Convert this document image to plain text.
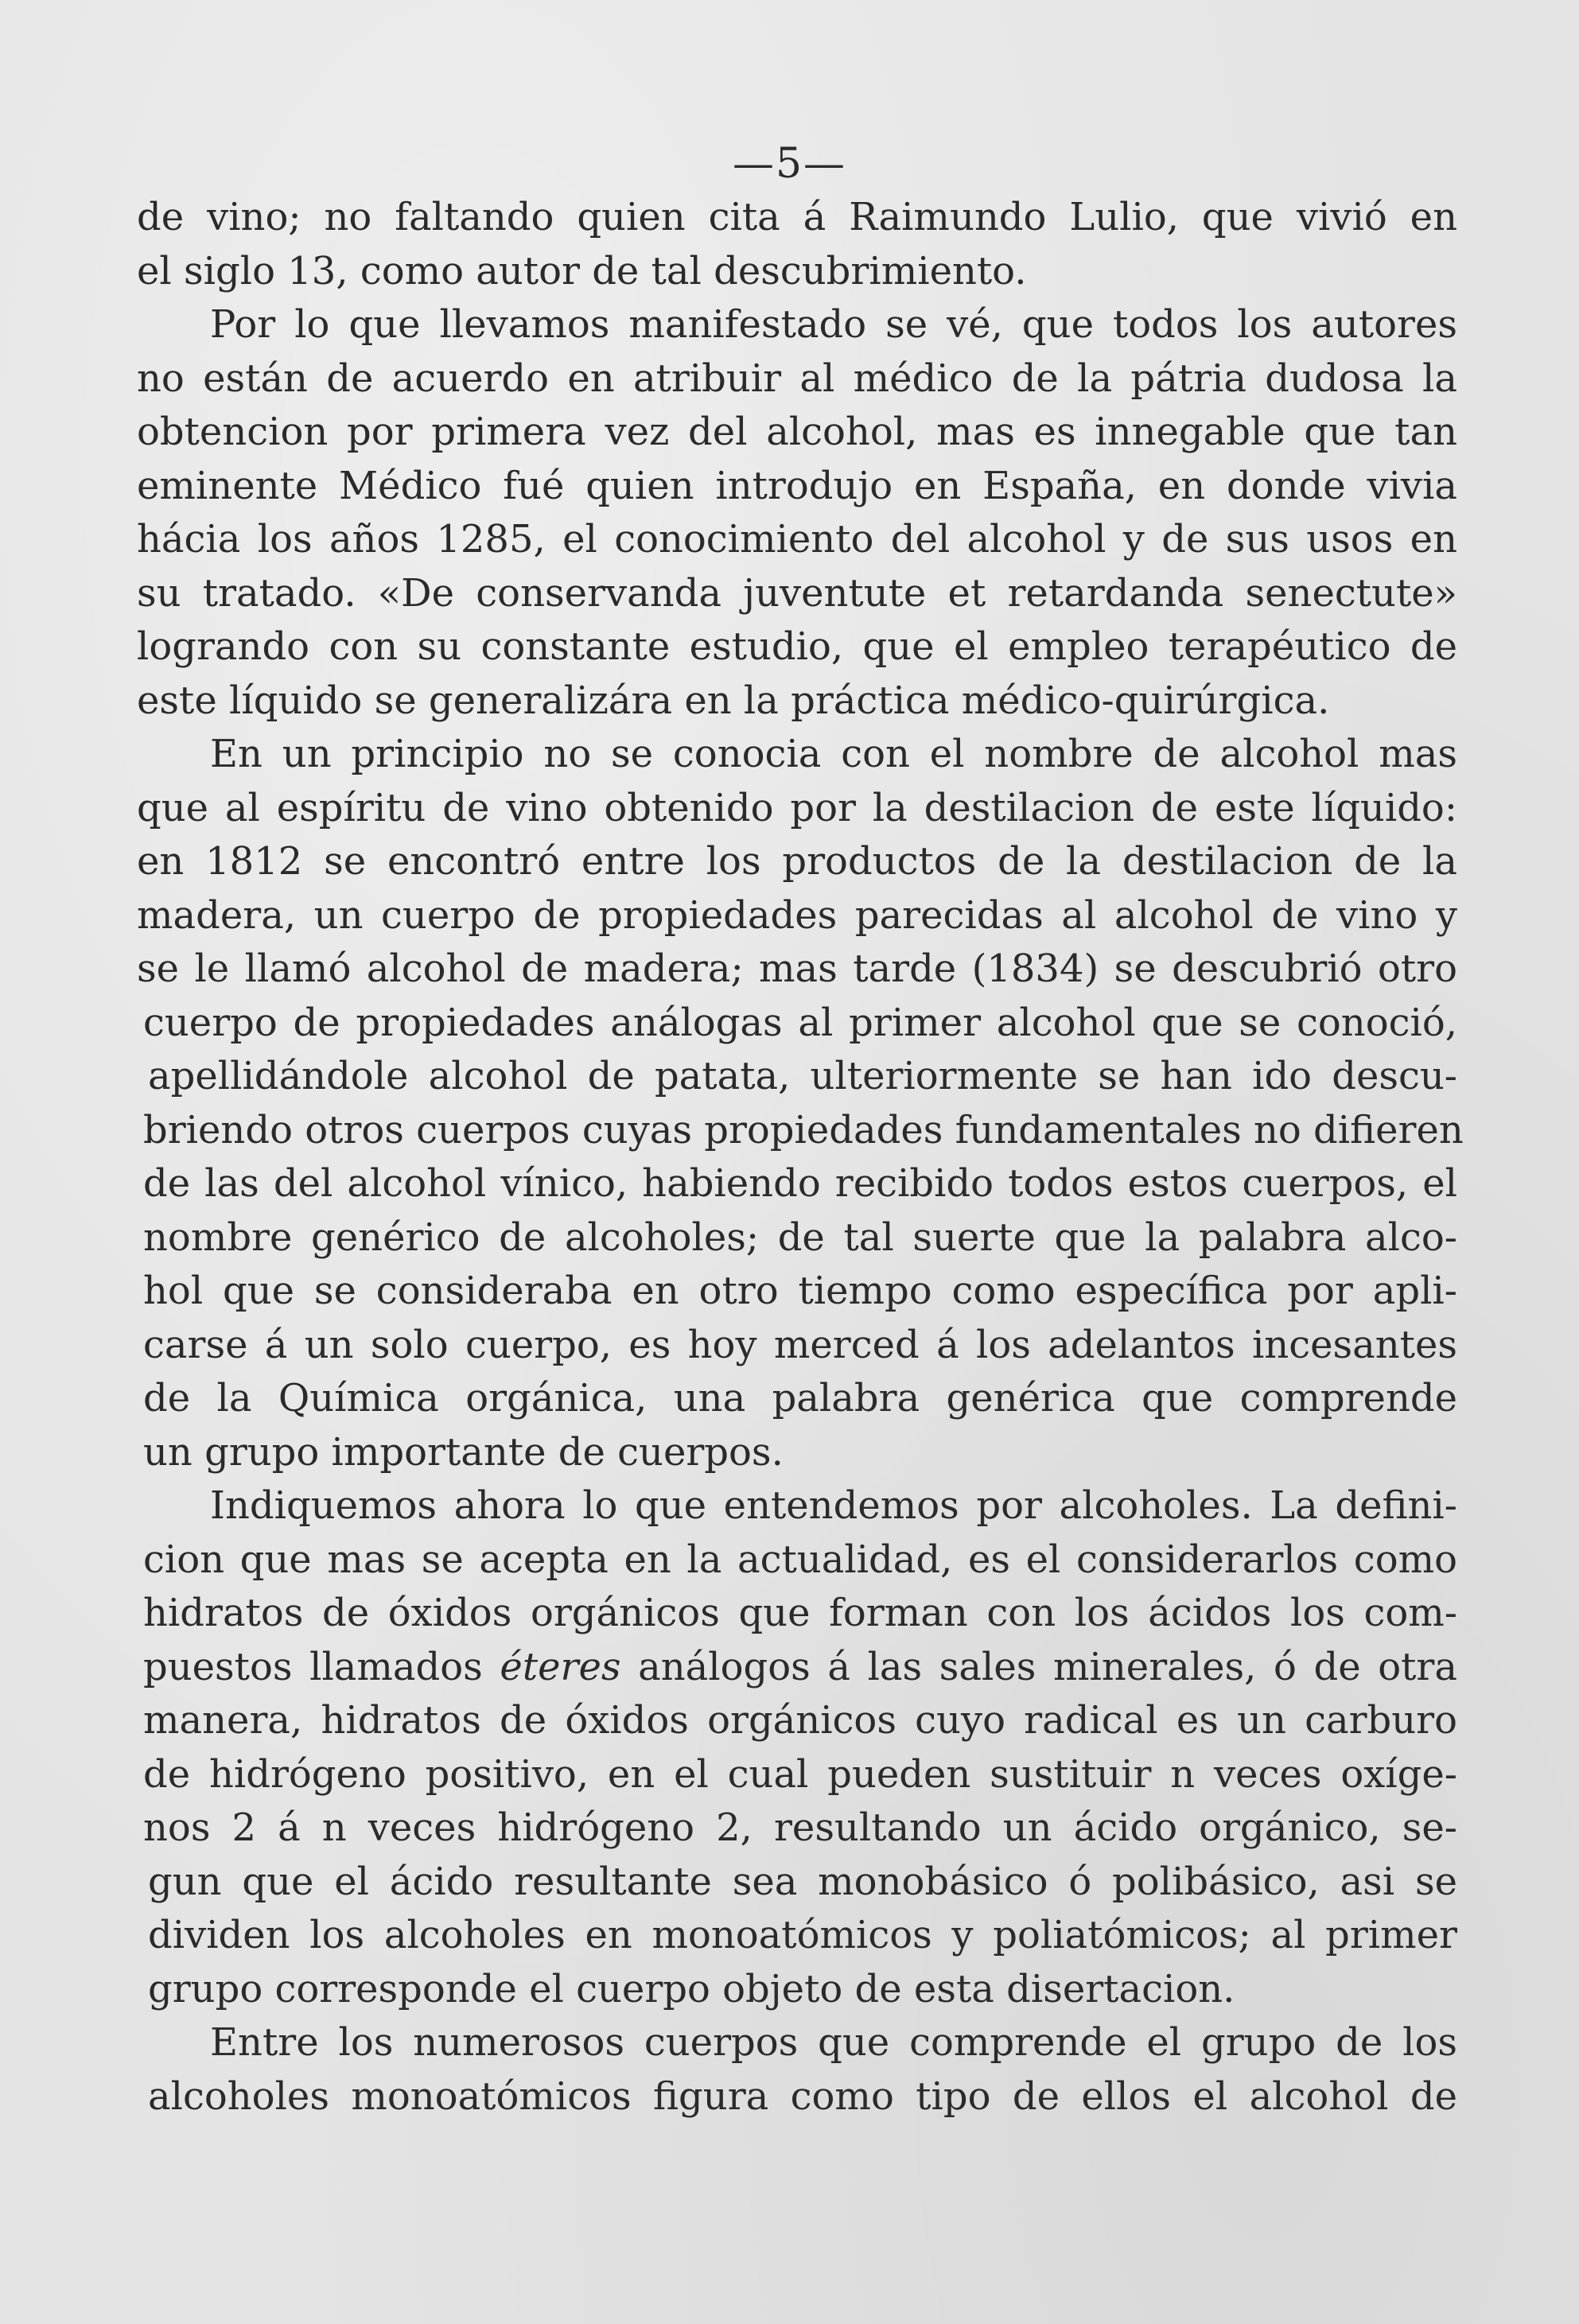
—5—
de vino; no faltando quien cita á Raimundo Lulio, que vivió en
el siglo 13, como autor de tal descubrimiento.
Por lo que llevamos manifestado se vé, que todos los autores
no están de acuerdo en atribuir al médico de la pátria dudosa la
obtencion por primera vez del alcohol, mas es innegable que tan
eminente Médico fué quien introdujo en España, en donde vivia
hácia los años 1285, el conocimiento del alcohol y de sus usos en
su tratado. «De conservanda juventute et retardanda senectute»
logrando con su constante estudio, que el empleo terapéutico de
este líquido se generalizára en la práctica médico-quirúrgica.
En un principio no se conocia con el nombre de alcohol mas
que al espíritu de vino obtenido por la destilacion de este líquido:
en 1812 se encontró entre los productos de la destilacion de la
madera, un cuerpo de propiedades parecidas al alcohol de vino y
se le llamó alcohol de madera; mas tarde (1834) se descubrió otro
cuerpo de propiedades análogas al primer alcohol que se conoció,
apellidándole alcohol de patata, ulteriormente se han ido descu-
briendo otros cuerpos cuyas propiedades fundamentales no difieren
de las del alcohol vínico, habiendo recibido todos estos cuerpos, el
nombre genérico de alcoholes; de tal suerte que la palabra alco-
hol que se consideraba en otro tiempo como específica por apli-
carse á un solo cuerpo, es hoy merced á los adelantos incesantes
de la Química orgánica, una palabra genérica que comprende
un grupo importante de cuerpos.
Indiquemos ahora lo que entendemos por alcoholes. La defini-
cion que mas se acepta en la actualidad, es el considerarlos como
hidratos de óxidos orgánicos que forman con los ácidos los com-
puestos llamados éteres análogos á las sales minerales, ó de otra
manera, hidratos de óxidos orgánicos cuyo radical es un carburo
de hidrógeno positivo, en el cual pueden sustituir n veces oxíge-
nos 2 á n veces hidrógeno 2, resultando un ácido orgánico, se-
gun que el ácido resultante sea monobásico ó polibásico, asi se
dividen los alcoholes en monoatómicos y poliatómicos; al primer
grupo corresponde el cuerpo objeto de esta disertacion.
Entre los numerosos cuerpos que comprende el grupo de los
alcoholes monoatómicos figura como tipo de ellos el alcohol de
